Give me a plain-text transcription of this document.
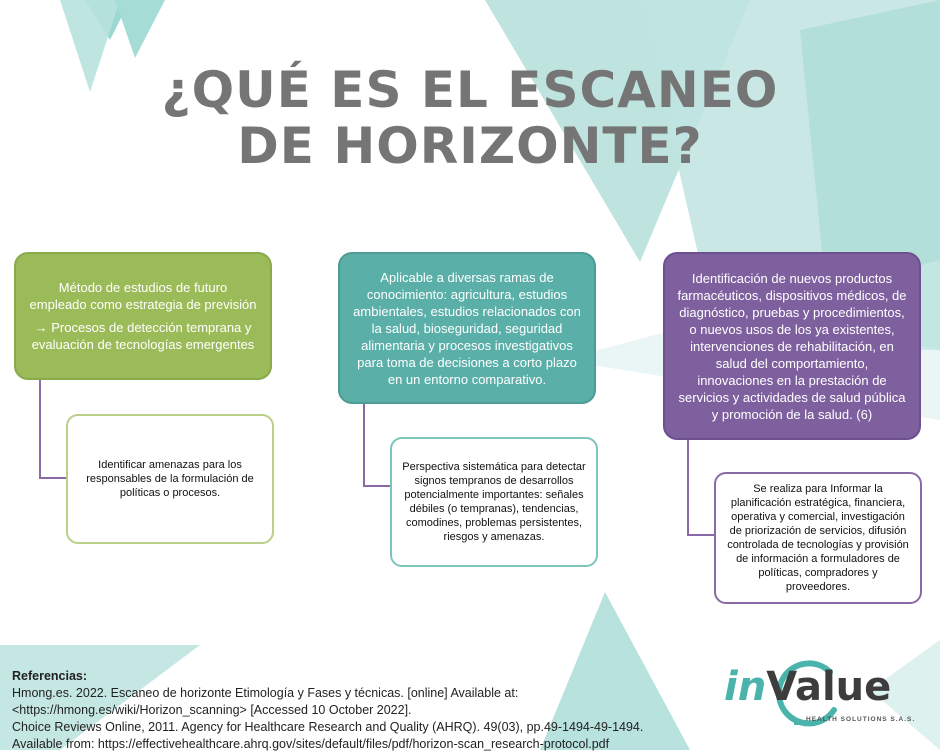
¿QUÉ ES EL ESCANEO DE HORIZONTE?
Método de estudios de futuro
empleado como estrategia de previsión
→ Procesos de detección temprana y
evaluación de tecnologías emergentes
Identificar amenazas para los
responsables de la formulación de
políticas o procesos.
Aplicable a diversas ramas de
conocimiento: agricultura, estudios
ambientales, estudios relacionados con
la salud, bioseguridad, seguridad
alimentaria y procesos investigativos
para toma de decisiones a corto plazo
en un entorno comparativo.
Perspectiva sistemática para detectar
signos tempranos de desarrollos
potencialmente importantes: señales
débiles (o tempranas), tendencias,
comodines, problemas persistentes,
riesgos y amenazas.
Identificación de nuevos productos
farmacéuticos, dispositivos médicos, de
diagnóstico, pruebas y procedimientos,
o nuevos usos de los ya existentes,
intervenciones de rehabilitación, en
salud del comportamiento,
innovaciones en la prestación de
servicios y actividades de salud pública
y promoción de la salud. (6)
Se realiza para Informar la
planificación estratégica, financiera,
operativa y comercial, investigación
de priorización de servicios, difusión
controlada de tecnologías y provisión
de información a formuladores de
políticas, compradores y
proveedores.
Referencias:
Hmong.es. 2022. Escaneo de horizonte Etimología y Fases y técnicas. [online] Available at:
<https://hmong.es/wiki/Horizon_scanning> [Accessed 10 October 2022].
Choice Reviews Online, 2011. Agency for Healthcare Research and Quality (AHRQ). 49(03), pp.49-1494-49-1494.
Available from: https://effectivehealthcare.ahrq.gov/sites/default/files/pdf/horizon-scan_research-protocol.pdf
inValue
HEALTH SOLUTIONS S.A.S.
